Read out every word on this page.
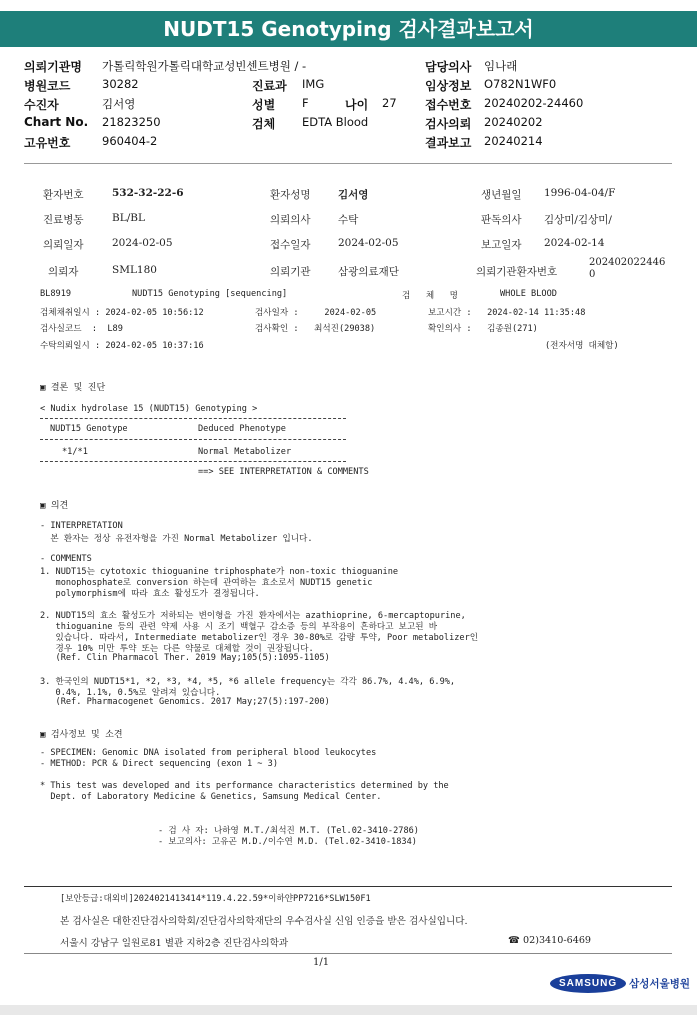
NUDT15 Genotyping 검사결과보고서
의뢰기관명 가톨릭학원가톨릭대학교성빈센트병원 / -
병원코드	30282
수진자	김서영
Chart No. 21823250
고유번호	960404-2
진료과 IMG
성별 F	나이 27
검체 EDTA Blood
담당의사 임나래
임상정보 O782N1WF0
접수번호 20240202-24460
검사의뢰 20240202
결과보고 20240214
환자번호	532-32-22-6	환자성명	김서영	생년월일 1996-04-04/F
진료병동	BL/BL	의뢰의사	수탁	판독의사 김상미/김상미/
의뢰일자	2024-02-05	접수일자	2024-02-05	보고일자 2024-02-14
의뢰자	SML180	의뢰기관	삼광의료재단	의뢰기관환자번호
202402022446
0
BL8919	NUDT15 Genotyping [sequencing]	검   체   명	WHOLE BLOOD
검체채취일시 : 2024-02-05 10:56:12	검사일자 :     2024-02-05	보고시간 :   2024-02-14 11:35:48
검사실코드  :  L89	검사확인 :   최석진(29038)	확인의사 :   김종원(271)
수탁의뢰일시 : 2024-02-05 10:37:16	(전자서명 대체함)
▣ 결론 및 진단
< Nudix hydrolase 15 (NUDT15) Genotyping >
NUDT15 Genotype	Deduced Phenotype
*1/*1	Normal Metabolizer
==> SEE INTERPRETATION & COMMENTS
▣ 의견
- INTERPRETATION
본 환자는 정상 유전자형을 가진 Normal Metabolizer 입니다.
- COMMENTS
1. NUDT15는 cytotoxic thioguanine triphosphate가 non-toxic thioguanine
monophosphate로 conversion 하는데 관여하는 효소로서 NUDT15 genetic
polymorphism에 따라 효소 활성도가 결정됩니다.
2. NUDT15의 효소 활성도가 저하되는 변이형을 가진 환자에서는 azathioprine, 6-mercaptopurine,
thioguanine 등의 관련 약제 사용 시 조기 백혈구 감소증 등의 부작용이 흔하다고 보고된 바
있습니다. 따라서, Intermediate metabolizer인 경우 30-80%로 감량 투약, Poor metabolizer인
경우 10% 미만 투약 또는 다른 약물로 대체할 것이 권장됩니다.
(Ref. Clin Pharmacol Ther. 2019 May;105(5):1095-1105)
3. 한국인의 NUDT15*1, *2, *3, *4, *5, *6 allele frequency는 각각 86.7%, 4.4%, 6.9%,
0.4%, 1.1%, 0.5%로 알려져 있습니다.
(Ref. Pharmacogenet Genomics. 2017 May;27(5):197-200)
▣ 검사정보 및 소견
- SPECIMEN: Genomic DNA isolated from peripheral blood leukocytes
- METHOD: PCR & Direct sequencing (exon 1 ~ 3)
* This test was developed and its performance characteristics determined by the
Dept. of Laboratory Medicine & Genetics, Samsung Medical Center.
- 검 사 자: 나하영 M.T./최석진 M.T. (Tel.02-3410-2786)
- 보고의사: 고유곤 M.D./이수연 M.D. (Tel.02-3410-1834)
[보안등급:대외비]2024021413414*119.4.22.59*이하얀PP7216*SLW150F1
본 검사실은 대한진단검사의학회/진단검사의학재단의 우수검사실 신임 인증을 받은 검사실입니다.
서울시 강남구 일원로81 별관 지하2층 진단검사의학과	☎ 02)3410-6469
1/1
SAMSUNG 삼성서울병원
